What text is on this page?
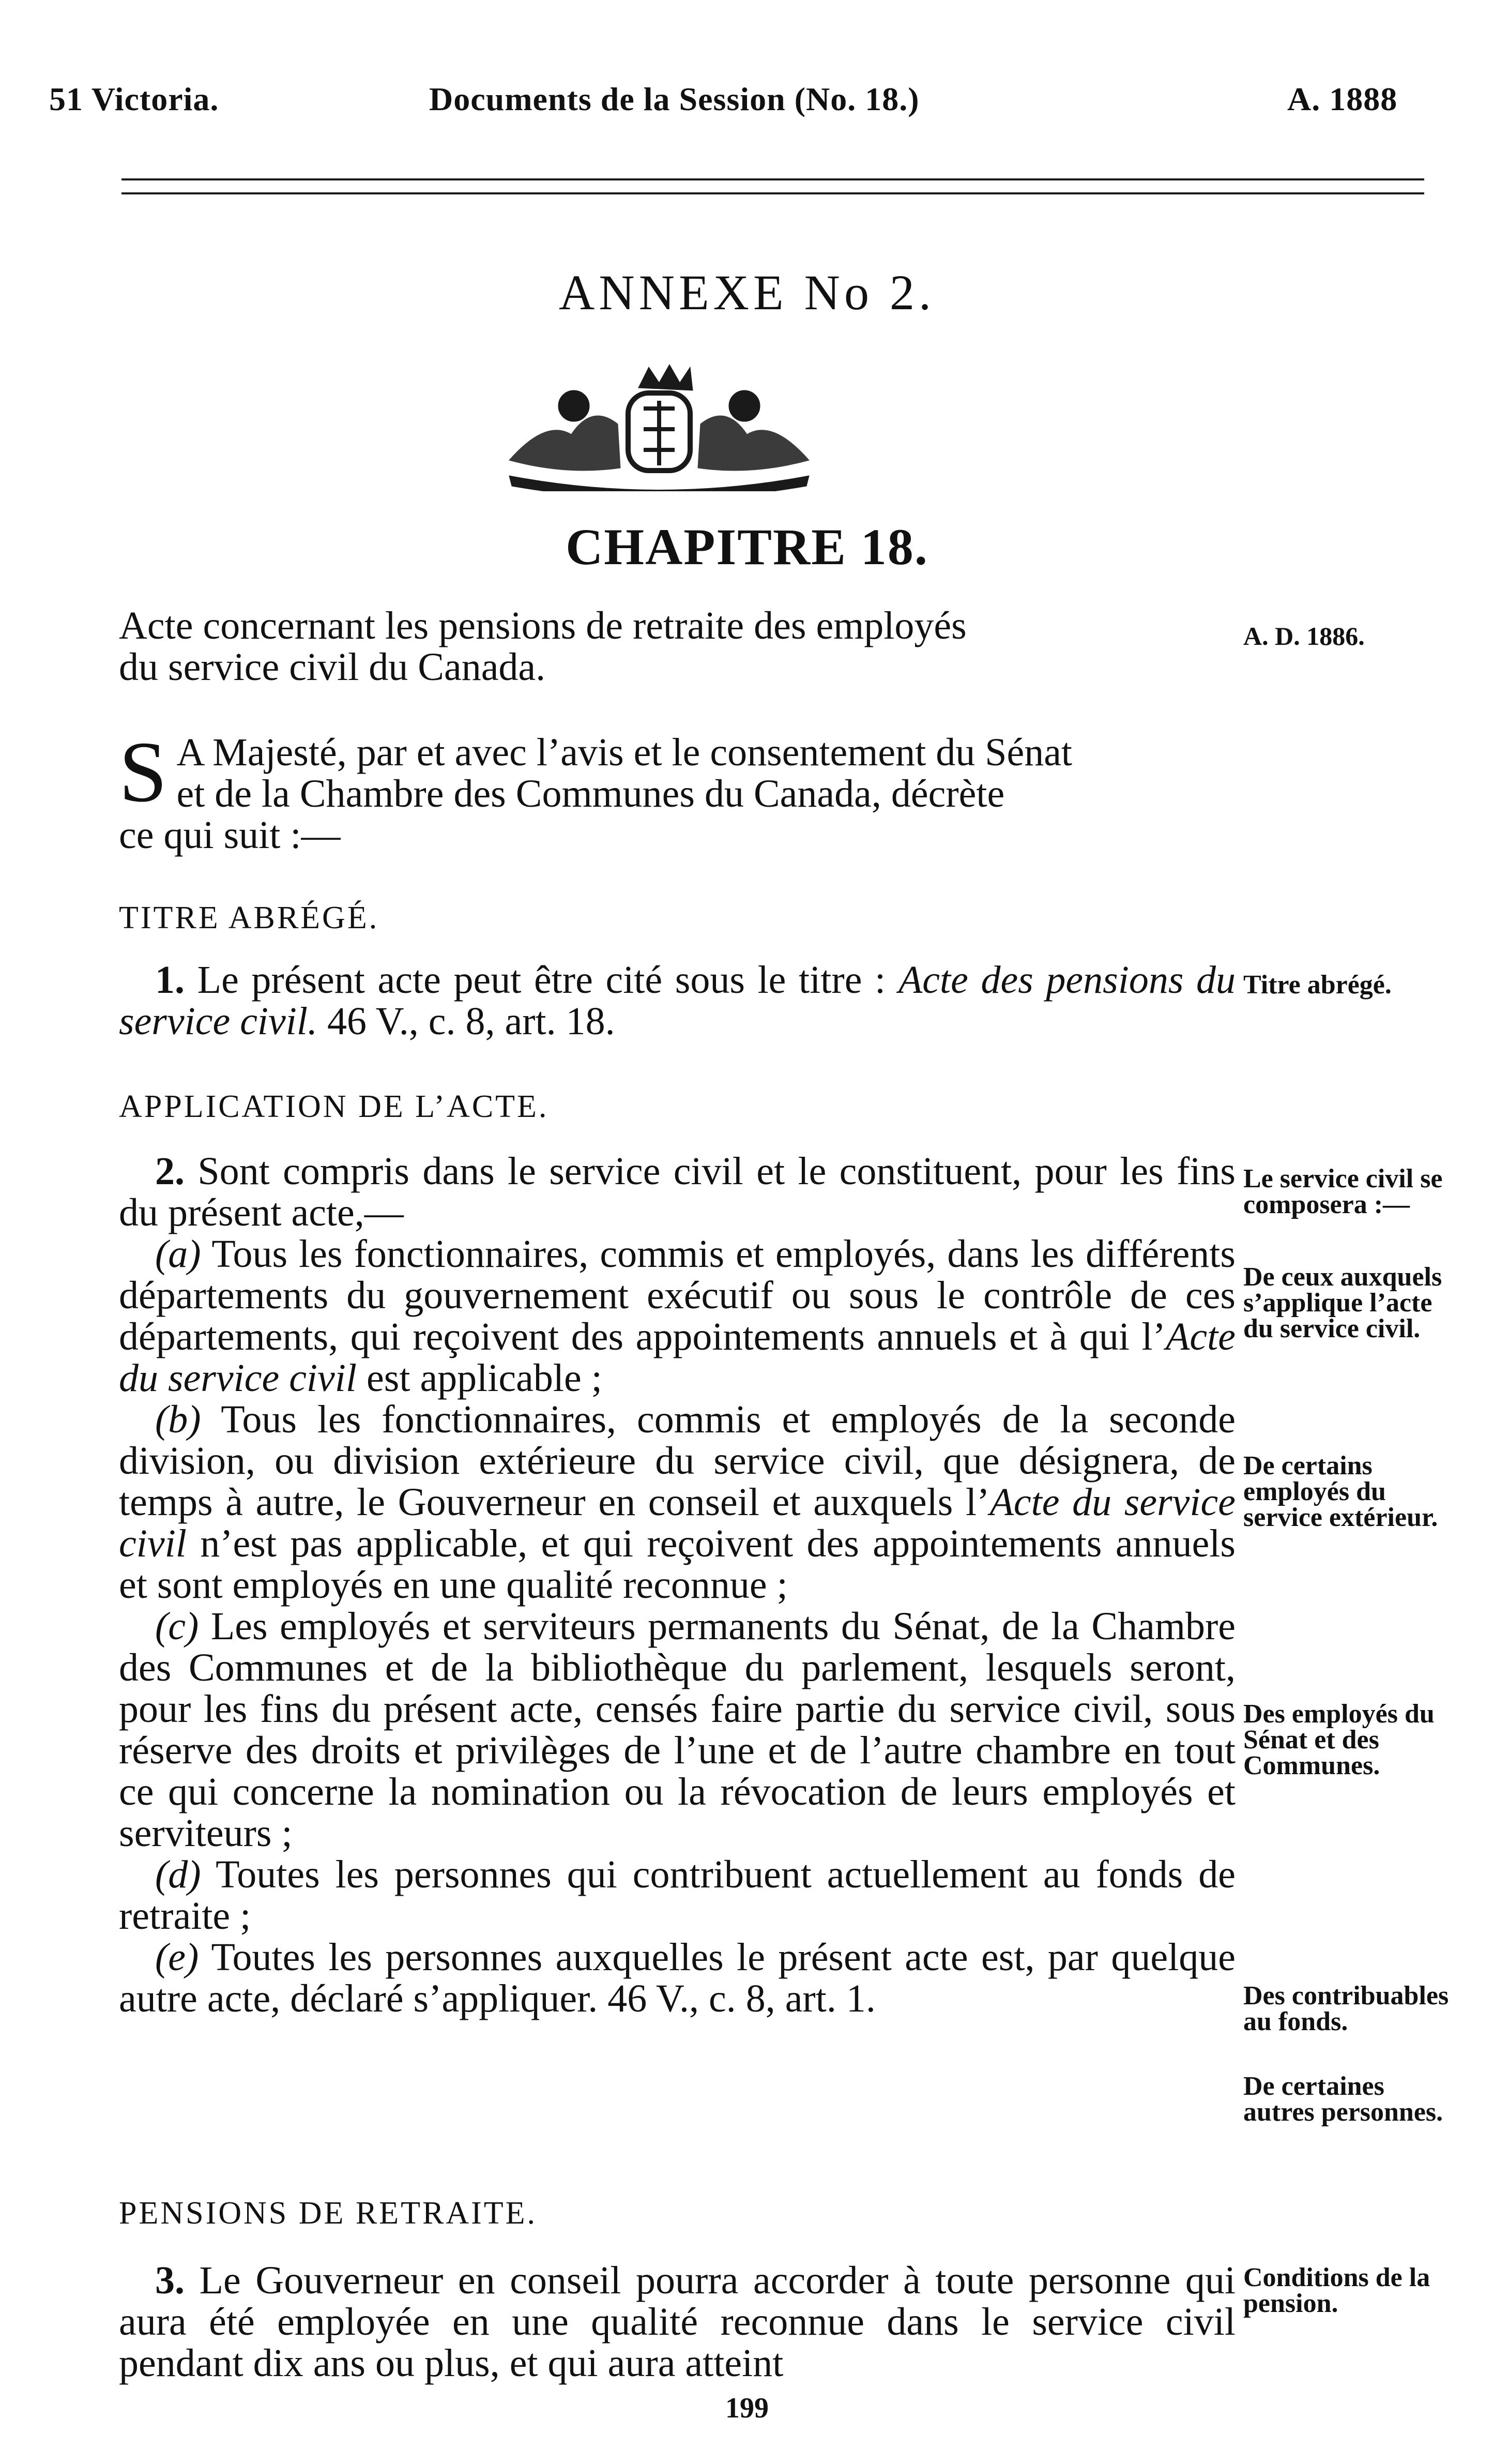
51 Victoria.	Documents de la Session (No. 18.)	A. 1888
ANNEXE No 2.
CHAPITRE 18.

Acte concernant les pensions de retraite des employés

du service civil du Canada.

A. D. 1886.
S A Majesté, par et avec l’avis et le consentement du Sénat

et de la Chambre des Communes du Canada, décrète

ce qui suit :—

TITRE ABRÉGÉ.

1. Le présent acte peut être cité sous le titre : Acte des pensions du service civil. 46 V., c. 8, art. 18.

Titre abrégé.

APPLICATION DE L’ACTE.

2. Sont compris dans le service civil et le constituent, pour les fins du présent acte,—

(a) Tous les fonctionnaires, commis et employés, dans les différents départements du gouvernement exécutif ou sous le contrôle de ces départements, qui reçoivent des appointements annuels et à qui l’Acte du service civil est applicable ;

(b) Tous les fonctionnaires, commis et employés de la seconde division, ou division extérieure du service civil, que désignera, de temps à autre, le Gouverneur en conseil et auxquels l’Acte du service civil n’est pas applicable, et qui reçoivent des appointements annuels et sont employés en une qualité reconnue ;

(c) Les employés et serviteurs permanents du Sénat, de la Chambre des Communes et de la bibliothèque du parlement, lesquels seront, pour les fins du présent acte, censés faire partie du service civil, sous réserve des droits et privilèges de l’une et de l’autre chambre en tout ce qui concerne la nomination ou la révocation de leurs employés et serviteurs ;

(d) Toutes les personnes qui contribuent actuellement au fonds de retraite ;

(e) Toutes les personnes auxquelles le présent acte est, par quelque autre acte, déclaré s’appliquer. 46 V., c. 8, art. 1.

Le service civil se composera :—
De ceux auxquels s’applique l’acte du service civil.
De certains employés du service extérieur.
Des employés du Sénat et des Communes.
Des contribuables au fonds.
De certaines autres personnes.

PENSIONS DE RETRAITE.

3. Le Gouverneur en conseil pourra accorder à toute personne qui aura été employée en une qualité reconnue dans le service civil pendant dix ans ou plus, et qui aura atteint

Conditions de la pension.
199
